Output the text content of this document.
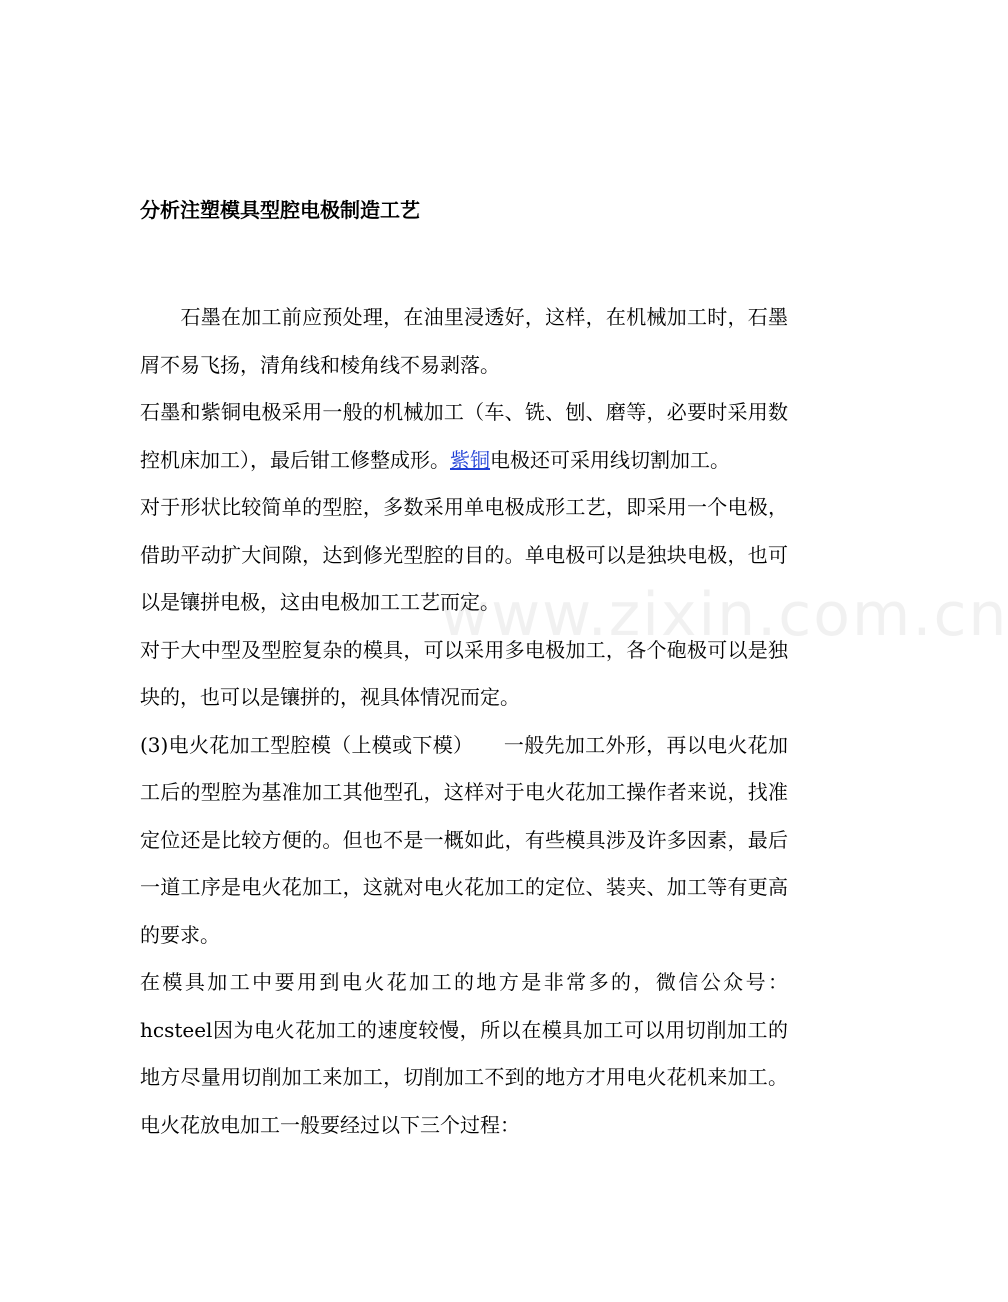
www.zixin.com.cn
分析注塑模具型腔电极制造工艺

　　石墨在加工前应预处理，在油里浸透好，这样，在机械加工时，石墨屑不易飞扬，清角线和棱角线不易剥落。

石墨和紫铜电极采用一般的机械加工（车、铣、刨、磨等，必要时采用数控机床加工），最后钳工修整成形。紫铜电极还可采用线切割加工。

对于形状比较简单的型腔，多数采用单电极成形工艺，即采用一个电极，借助平动扩大间隙，达到修光型腔的目的。单电极可以是独块电极，也可以是镶拼电极，这由电极加工工艺而定。

对于大中型及型腔复杂的模具，可以采用多电极加工，各个砲极可以是独块的，也可以是镶拼的，视具体情况而定。

(3)电火花加工型腔模（上模或下模）　　一般先加工外形，再以电火花加工后的型腔为基准加工其他型孔，这样对于电火花加工操作者来说，找准定位还是比较方便的。但也不是一概如此，有些模具涉及许多因素，最后一道工序是电火花加工，这就对电火花加工的定位、装夹、加工等有更高的要求。

在模具加工中要用到电火花加工的地方是非常多的，微信公众号：hcsteel因为电火花加工的速度较慢，所以在模具加工可以用切削加工的地方尽量用切削加工来加工，切削加工不到的地方才用电火花机来加工。电火花放电加工一般要经过以下三个过程：
